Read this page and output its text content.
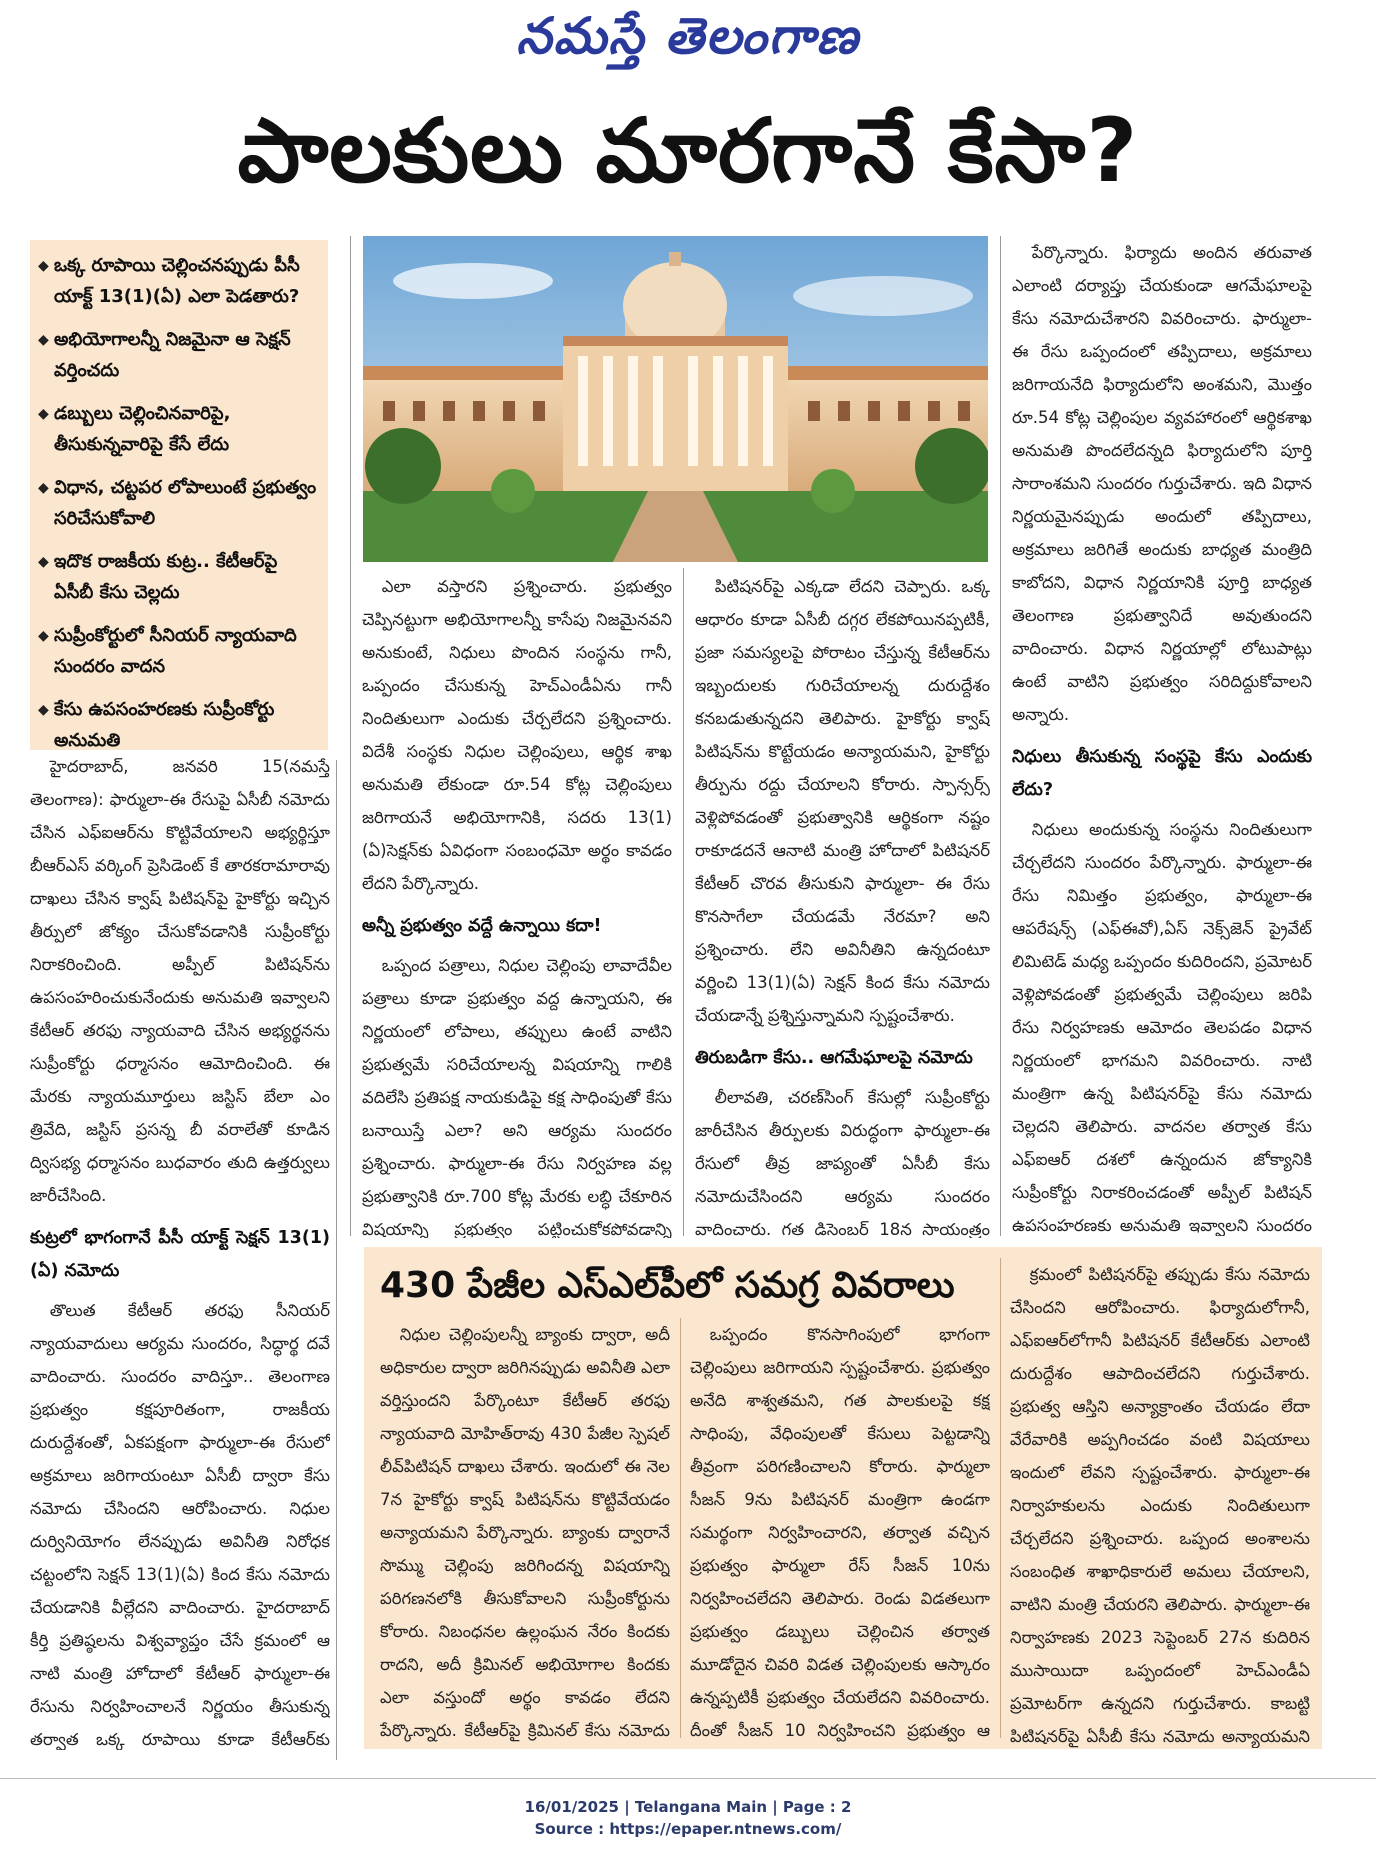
నమస్తే తెలంగాణ
పాలకులు మారగానే కేసా?
◆ ఒక్క రూపాయి చెల్లించనప్పుడు పీసీ యాక్ట్ 13(1)(ఏ) ఎలా పెడతారు?
◆ అభియోగాలన్నీ నిజమైనా ఆ సెక్షన్ వర్తించదు
◆ డబ్బులు చెల్లించినవారిపై, తీసుకున్నవారిపై కేసే లేదు
◆ విధాన, చట్టపర లోపాలుంటే ప్రభుత్వం సరిచేసుకోవాలి
◆ ఇదొక రాజకీయ కుట్ర.. కేటీఆర్‌పై ఏసీబీ కేసు చెల్లదు
◆ సుప్రీంకోర్టులో సీనియర్ న్యాయవాది సుందరం వాదన
◆ కేసు ఉపసంహరణకు సుప్రీంకోర్టు అనుమతి

హైదరాబాద్, జనవరి 15(నమస్తే తెలంగాణ): ఫార్ములా-ఈ రేసుపై ఏసీబీ నమోదు చేసిన ఎఫ్‌ఐఆర్‌ను కొట్టివేయాలని అభ్యర్థిస్తూ బీఆర్‌ఎస్ వర్కింగ్ ప్రెసిడెంట్ కే తారకరామారావు దాఖలు చేసిన క్వాష్ పిటిషన్‌పై హైకోర్టు ఇచ్చిన తీర్పులో జోక్యం చేసుకోవడానికి సుప్రీంకోర్టు నిరాకరించింది. అప్పీల్ పిటిషన్‌ను ఉపసంహరించుకునేందుకు అనుమతి ఇవ్వాలని కేటీఆర్ తరఫు న్యాయవాది చేసిన అభ్యర్థనను సుప్రీంకోర్టు ధర్మాసనం ఆమోదించింది. ఈ మేరకు న్యాయమూర్తులు జస్టిస్ బేలా ఎం త్రివేది, జస్టిస్ ప్రసన్న బీ వరాలేతో కూడిన ద్విసభ్య ధర్మాసనం బుధవారం తుది ఉత్తర్వులు జారీచేసింది.

కుట్రలో భాగంగానే పీసీ యాక్ట్ సెక్షన్ 13(1)(ఏ) నమోదు

తొలుత కేటీఆర్ తరఫు సీనియర్ న్యాయవాదులు ఆర్యమ సుందరం, సిద్ధార్థ దవే వాదించారు. సుందరం వాదిస్తూ.. తెలంగాణ ప్రభుత్వం కక్షపూరితంగా, రాజకీయ దురుద్దేశంతో, ఏకపక్షంగా ఫార్ములా-ఈ రేసులో అక్రమాలు జరిగాయంటూ ఏసీబీ ద్వారా కేసు నమోదు చేసిందని ఆరోపించారు. నిధుల దుర్వినియోగం లేనప్పుడు అవినీతి నిరోధక చట్టంలోని సెక్షన్ 13(1)(ఏ) కింద కేసు నమోదు చేయడానికి వీల్లేదని వాదించారు. హైదరాబాద్ కీర్తి ప్రతిష్ఠలను విశ్వవ్యాప్తం చేసే క్రమంలో ఆ నాటి మంత్రి హోదాలో కేటీఆర్ ఫార్ములా-ఈ రేసును నిర్వహించాలనే నిర్ణయం తీసుకున్న తర్వాత ఒక్క రూపాయి కూడా కేటీఆర్‌కు

ఎలా వస్తారని ప్రశ్నించారు. ప్రభుత్వం చెప్పినట్టుగా అభియోగాలన్నీ కాసేపు నిజమైనవని అనుకుంటే, నిధులు పొందిన సంస్థను గానీ, ఒప్పందం చేసుకున్న హెచ్‌ఎండీఏను గానీ నిందితులుగా ఎందుకు చేర్చలేదని ప్రశ్నించారు. విదేశీ సంస్థకు నిధుల చెల్లింపులు, ఆర్థిక శాఖ అనుమతి లేకుండా రూ.54 కోట్ల చెల్లింపులు జరిగాయనే అభియోగానికి, సదరు 13(1)(ఏ)సెక్షన్‌కు ఏవిధంగా సంబంధమో అర్థం కావడం లేదని పేర్కొన్నారు.

అన్నీ ప్రభుత్వం వద్దే ఉన్నాయి కదా!

ఒప్పంద పత్రాలు, నిధుల చెల్లింపు లావాదేవీల పత్రాలు కూడా ప్రభుత్వం వద్ద ఉన్నాయని, ఈ నిర్ణయంలో లోపాలు, తప్పులు ఉంటే వాటిని ప్రభుత్వమే సరిచేయాలన్న విషయాన్ని గాలికి వదిలేసి ప్రతిపక్ష నాయకుడిపై కక్ష సాధింపుతో కేసు బనాయిస్తే ఎలా? అని ఆర్యమ సుందరం ప్రశ్నించారు. ఫార్ములా-ఈ రేసు నిర్వహణ వల్ల ప్రభుత్వానికి రూ.700 కోట్ల మేరకు లబ్ధి చేకూరిన విషయాన్ని ప్రభుత్వం పట్టించుకోకపోవడాన్ని

పిటిషనర్‌పై ఎక్కడా లేదని చెప్పారు. ఒక్క ఆధారం కూడా ఏసీబీ దగ్గర లేకపోయినప్పటికీ, ప్రజా సమస్యలపై పోరాటం చేస్తున్న కేటీఆర్‌ను ఇబ్బందులకు గురిచేయాలన్న దురుద్దేశం కనబడుతున్నదని తెలిపారు. హైకోర్టు క్వాష్ పిటిషన్‌ను కొట్టేయడం అన్యాయమని, హైకోర్టు తీర్పును రద్దు చేయాలని కోరారు. స్పాన్సర్స్ వెళ్లిపోవడంతో ప్రభుత్వానికి ఆర్థికంగా నష్టం రాకూడదనే ఆనాటి మంత్రి హోదాలో పిటిషనర్ కేటీఆర్ చొరవ తీసుకుని ఫార్ములా- ఈ రేసు కొనసాగేలా చేయడమే నేరమా? అని ప్రశ్నించారు. లేని అవినీతిని ఉన్నదంటూ వర్ణించి 13(1)(ఏ) సెక్షన్ కింద కేసు నమోదు చేయడాన్నే ప్రశ్నిస్తున్నామని స్పష్టంచేశారు.

తిరుబడిగా కేసు.. ఆగమేఘాలపై నమోదు

లీలావతి, చరణ్‌సింగ్ కేసుల్లో సుప్రీంకోర్టు జారీచేసిన తీర్పులకు విరుద్ధంగా ఫార్ములా-ఈ రేసులో తీవ్ర జాప్యంతో ఏసీబీ కేసు నమోదుచేసిందని ఆర్యమ సుందరం వాదించారు. గత డిసెంబర్ 18న సాయంత్రం

పేర్కొన్నారు. ఫిర్యాదు అందిన తరువాత ఎలాంటి దర్యాప్తు చేయకుండా ఆగమేఘాలపై కేసు నమోదుచేశారని వివరించారు. ఫార్ములా- ఈ రేసు ఒప్పందంలో తప్పిదాలు, అక్రమాలు జరిగాయనేది ఫిర్యాదులోని అంశమని, మొత్తం రూ.54 కోట్ల చెల్లింపుల వ్యవహారంలో ఆర్థికశాఖ అనుమతి పొందలేదన్నది ఫిర్యాదులోని పూర్తి సారాంశమని సుందరం గుర్తుచేశారు. ఇది విధాన నిర్ణయమైనప్పుడు అందులో తప్పిదాలు, అక్రమాలు జరిగితే అందుకు బాధ్యత మంత్రిది కాబోదని, విధాన నిర్ణయానికి పూర్తి బాధ్యత తెలంగాణ ప్రభుత్వానిదే అవుతుందని వాదించారు. విధాన నిర్ణయాల్లో లోటుపాట్లు ఉంటే వాటిని ప్రభుత్వం సరిదిద్దుకోవాలని అన్నారు.

నిధులు తీసుకున్న సంస్థపై కేసు ఎందుకు లేదు?

నిధులు అందుకున్న సంస్థను నిందితులుగా చేర్చలేదని సుందరం పేర్కొన్నారు. ఫార్ములా-ఈ రేసు నిమిత్తం ప్రభుత్వం, ఫార్ములా-ఈ ఆపరేషన్స్ (ఎఫ్‌ఈవో),ఏస్ నెక్స్‌జెన్ ప్రైవేట్ లిమిటెడ్ మధ్య ఒప్పందం కుదిరిందని, ప్రమోటర్ వెళ్లిపోవడంతో ప్రభుత్వమే చెల్లింపులు జరిపి రేసు నిర్వహణకు ఆమోదం తెలపడం విధాన నిర్ణయంలో భాగమని వివరించారు. నాటి మంత్రిగా ఉన్న పిటిషనర్‌పై కేసు నమోదు చెల్లదని తెలిపారు. వాదనల తర్వాత కేసు ఎఫ్‌ఐఆర్ దశలో ఉన్నందున జోక్యానికి సుప్రీంకోర్టు నిరాకరించడంతో అప్పీల్ పిటిషన్ ఉపసంహరణకు అనుమతి ఇవ్వాలని సుందరం

430 పేజీల ఎస్‌ఎల్‌పీలో సమగ్ర వివరాలు

నిధుల చెల్లింపులన్నీ బ్యాంకు ద్వారా, అదీ అధికారుల ద్వారా జరిగినప్పుడు అవినీతి ఎలా వర్తిస్తుందని పేర్కొంటూ కేటీఆర్ తరఫు న్యాయవాది మోహిత్‌రావు 430 పేజీల స్పెషల్ లీవ్‌పిటిషన్ దాఖలు చేశారు. ఇందులో ఈ నెల 7న హైకోర్టు క్వాష్ పిటిషన్‌ను కొట్టివేయడం అన్యాయమని పేర్కొన్నారు. బ్యాంకు ద్వారానే సొమ్ము చెల్లింపు జరిగిందన్న విషయాన్ని పరిగణనలోకి తీసుకోవాలని సుప్రీంకోర్టును కోరారు. నిబంధనల ఉల్లంఘన నేరం కిందకు రాదని, అదీ క్రిమినల్ అభియోగాల కిందకు ఎలా వస్తుందో అర్థం కావడం లేదని పేర్కొన్నారు. కేటీఆర్‌పై క్రిమినల్ కేసు నమోదు

ఒప్పందం కొనసాగింపులో భాగంగా చెల్లింపులు జరిగాయని స్పష్టంచేశారు. ప్రభుత్వం అనేది శాశ్వతమని, గత పాలకులపై కక్ష సాధింపు, వేధింపులతో కేసులు పెట్టడాన్ని తీవ్రంగా పరిగణించాలని కోరారు. ఫార్ములా సీజన్ 9ను పిటిషనర్ మంత్రిగా ఉండగా సమర్థంగా నిర్వహించారని, తర్వాత వచ్చిన ప్రభుత్వం ఫార్ములా రేస్ సీజన్ 10ను నిర్వహించలేదని తెలిపారు. రెండు విడతలుగా ప్రభుత్వం డబ్బులు చెల్లించిన తర్వాత మూడోదైన చివరి విడత చెల్లింపులకు ఆస్కారం ఉన్నప్పటికీ ప్రభుత్వం చేయలేదని వివరించారు. దీంతో సీజన్ 10 నిర్వహించని ప్రభుత్వం ఆ

క్రమంలో పిటిషనర్‌పై తప్పుడు కేసు నమోదు చేసిందని ఆరోపించారు. ఫిర్యాదులోగానీ, ఎఫ్‌ఐఆర్‌లోగానీ పిటిషనర్ కేటీఆర్‌కు ఎలాంటి దురుద్దేశం ఆపాదించలేదని గుర్తుచేశారు. ప్రభుత్వ ఆస్తిని అన్యాక్రాంతం చేయడం లేదా వేరేవారికి అప్పగించడం వంటి విషయాలు ఇందులో లేవని స్పష్టంచేశారు. ఫార్ములా-ఈ నిర్వాహకులను ఎందుకు నిందితులుగా చేర్చలేదని ప్రశ్నించారు. ఒప్పంద అంశాలను సంబంధిత శాఖాధికారులే అమలు చేయాలని, వాటిని మంత్రి చేయరని తెలిపారు. ఫార్ములా-ఈ నిర్వాహణకు 2023 సెప్టెంబర్ 27న కుదిరిన ముసాయిదా ఒప్పందంలో హెచ్‌ఎండీఏ ప్రమోటర్‌గా ఉన్నదని గుర్తుచేశారు. కాబట్టి పిటిషనర్‌పై ఏసీబీ కేసు నమోదు అన్యాయమని

16/01/2025 | Telangana Main | Page : 2
Source : https://epaper.ntnews.com/
